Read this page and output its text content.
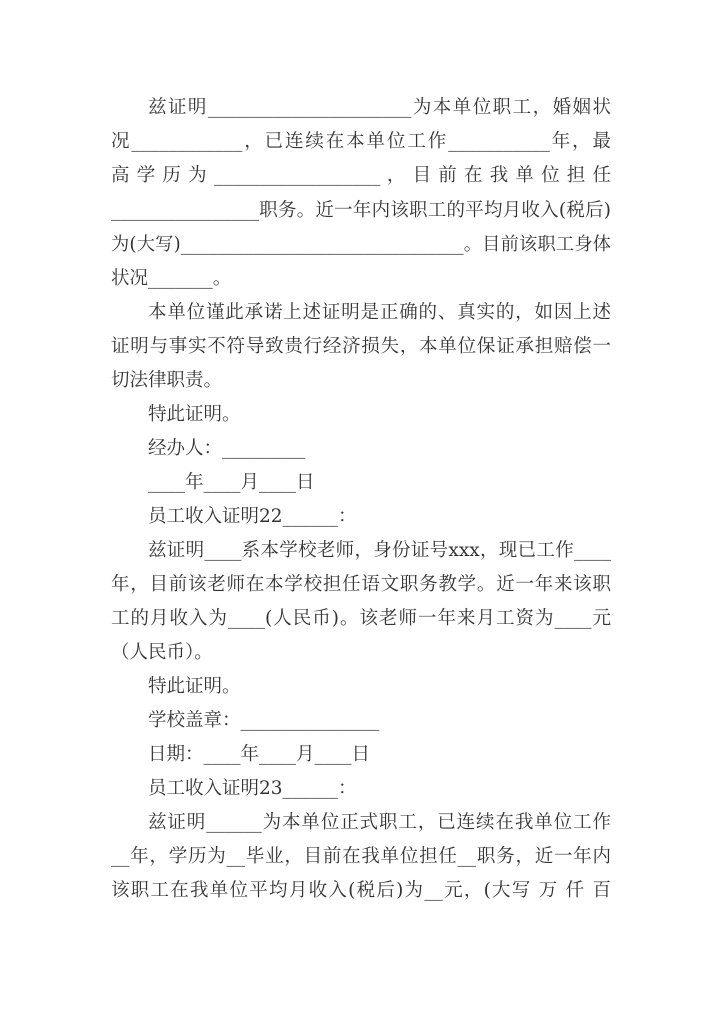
兹证明______________________为本单位职工，婚姻状
况____________，已连续在本单位工作___________年，最
高 学 历 为 __________________ ， 目 前 在 我 单 位 担 任
________________职务。近一年内该职工的平均月收入(税后)
为(大写)_______________________________。目前该职工身体
状况_______。
本单位谨此承诺上述证明是正确的、真实的，如因上述
证明与事实不符导致贵行经济损失，本单位保证承担赔偿一
切法律职责。
特此证明。
经办人：_________
____年____月____日
员工收入证明22______：
兹证明____系本学校老师，身份证号xxx，现已工作____
年，目前该老师在本学校担任语文职务教学。近一年来该职
工的月收入为____(人民币)。该老师一年来月工资为____元
（人民币）。
特此证明。
学校盖章：_______________
日期：____年____月____日
员工收入证明23______：
兹证明______为本单位正式职工，已连续在我单位工作
__年，学历为__毕业，目前在我单位担任__职务，近一年内
该职工在我单位平均月收入(税后)为__元，(大写 万 仟 百
